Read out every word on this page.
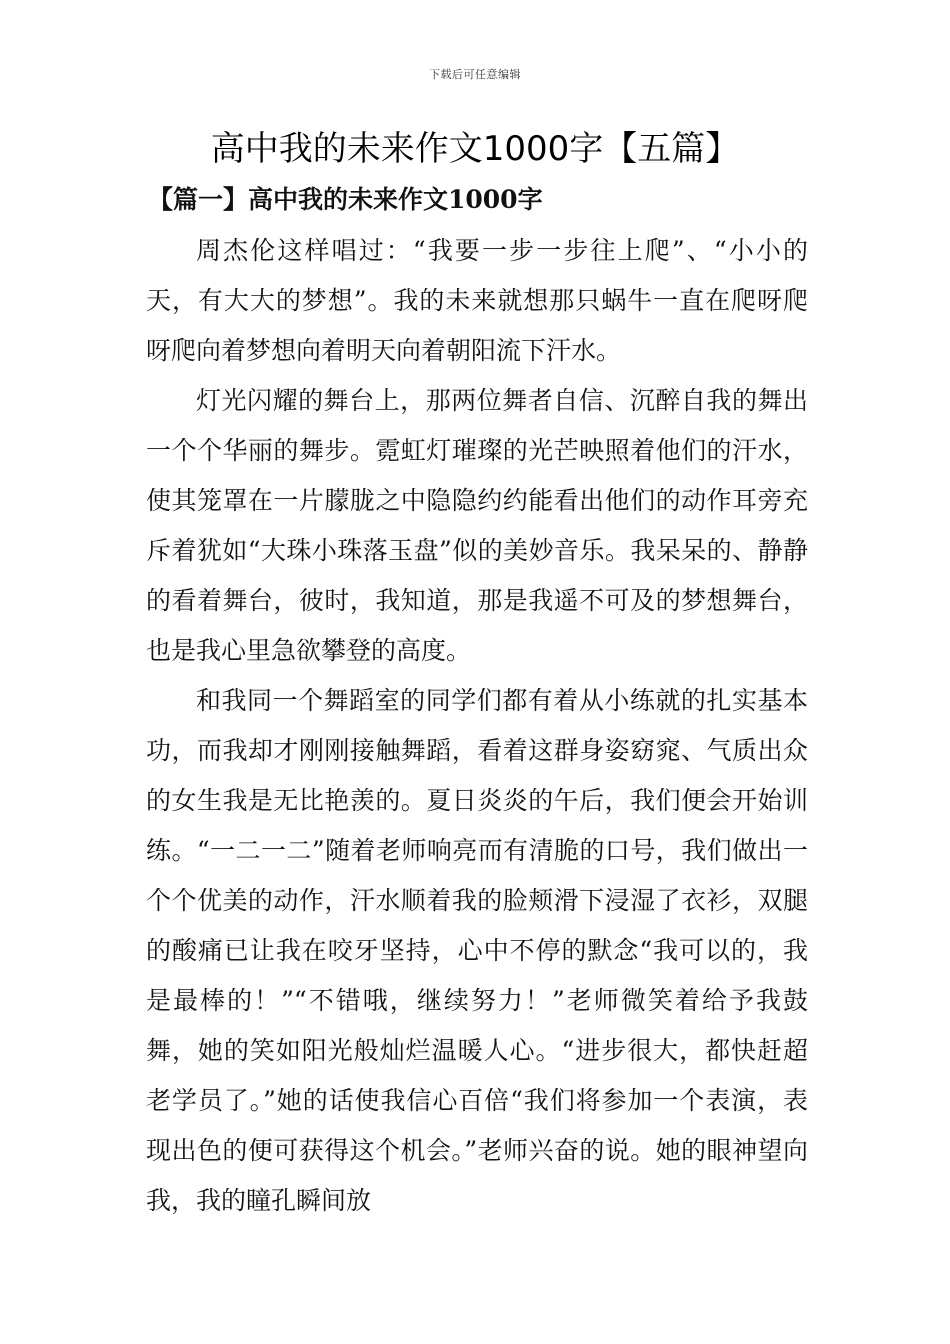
下载后可任意编辑
高中我的未来作文1000字【五篇】
【篇一】高中我的未来作文1000字

周杰伦这样唱过：“我要一步一步往上爬”、“小小的天，有大大的梦想”。我的未来就想那只蜗牛一直在爬呀爬呀爬向着梦想向着明天向着朝阳流下汗水。

灯光闪耀的舞台上，那两位舞者自信、沉醉自我的舞出一个个华丽的舞步。霓虹灯璀璨的光芒映照着他们的汗水，使其笼罩在一片朦胧之中隐隐约约能看出他们的动作耳旁充斥着犹如“大珠小珠落玉盘”似的美妙音乐。我呆呆的、静静的看着舞台，彼时，我知道，那是我遥不可及的梦想舞台，也是我心里急欲攀登的高度。

和我同一个舞蹈室的同学们都有着从小练就的扎实基本功，而我却才刚刚接触舞蹈，看着这群身姿窈窕、气质出众的女生我是无比艳羡的。夏日炎炎的午后，我们便会开始训练。“一二一二”随着老师响亮而有清脆的口号，我们做出一个个优美的动作，汗水顺着我的脸颊滑下浸湿了衣衫，双腿的酸痛已让我在咬牙坚持，心中不停的默念“我可以的，我是最棒的！”“不错哦，继续努力！”老师微笑着给予我鼓舞，她的笑如阳光般灿烂温暖人心。“进步很大，都快赶超老学员了。”她的话使我信心百倍“我们将参加一个表演，表现出色的便可获得这个机会。”老师兴奋的说。她的眼神望向我，我的瞳孔瞬间放
